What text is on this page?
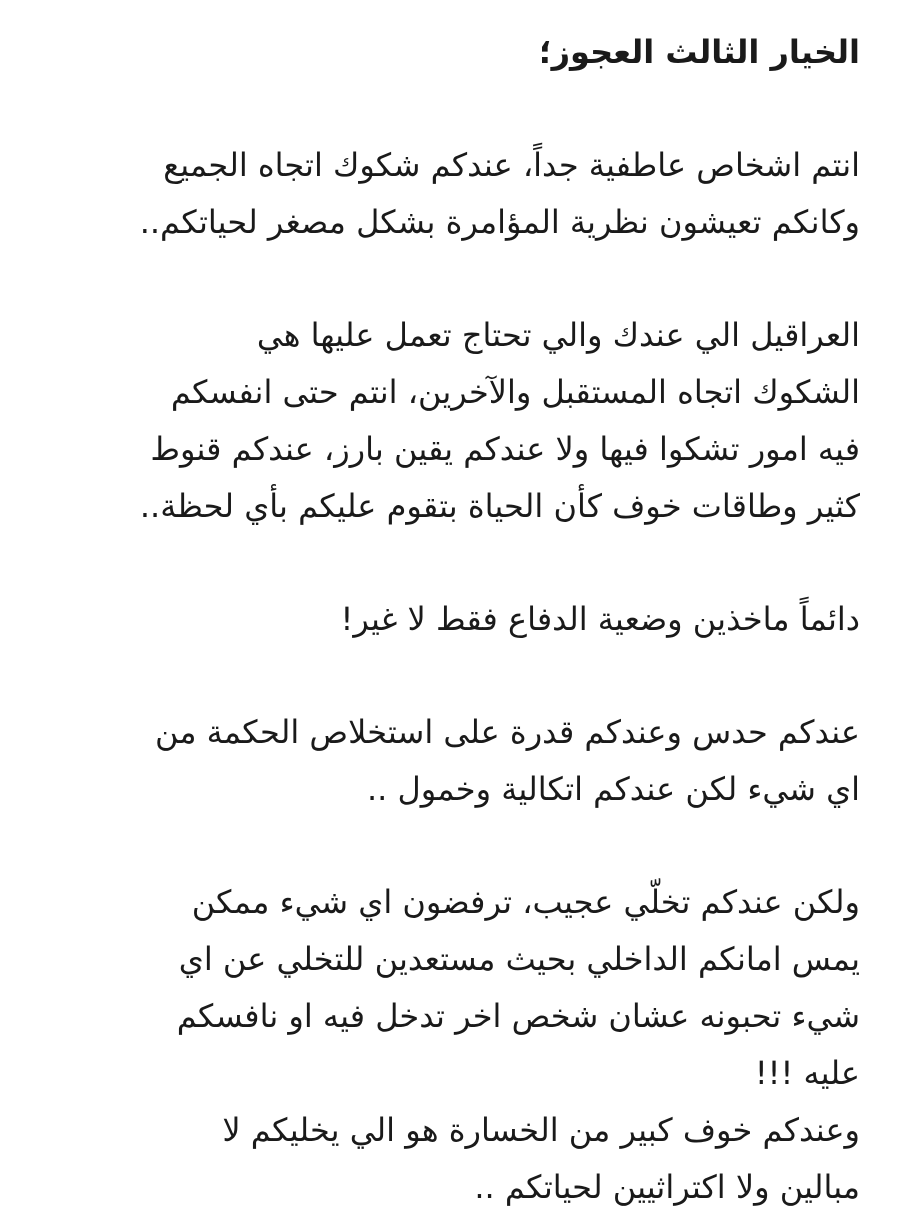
الخيار الثالث العجوز؛
انتم اشخاص عاطفية جداً، عندكم شكوك اتجاه الجميع
وكانكم تعيشون نظرية المؤامرة بشكل مصغر لحياتكم..
العراقيل الي عندك والي تحتاج تعمل عليها هي
الشكوك اتجاه المستقبل والآخرين، انتم حتى انفسكم
فيه امور تشكوا فيها ولا عندكم يقين بارز، عندكم قنوط
كثير وطاقات خوف كأن الحياة بتقوم عليكم بأي لحظة..
دائماً ماخذين وضعية الدفاع فقط لا غير!
عندكم حدس وعندكم قدرة على استخلاص الحكمة من
اي شيء لكن عندكم اتكالية وخمول ..
ولكن عندكم تخلّي عجيب، ترفضون اي شيء ممكن
يمس امانكم الداخلي بحيث مستعدين للتخلي عن اي
شيء تحبونه عشان شخص اخر تدخل فيه او نافسكم
عليه !!!
وعندكم خوف كبير من الخسارة هو الي يخليكم لا
مبالين ولا اكتراثيين لحياتكم ..
